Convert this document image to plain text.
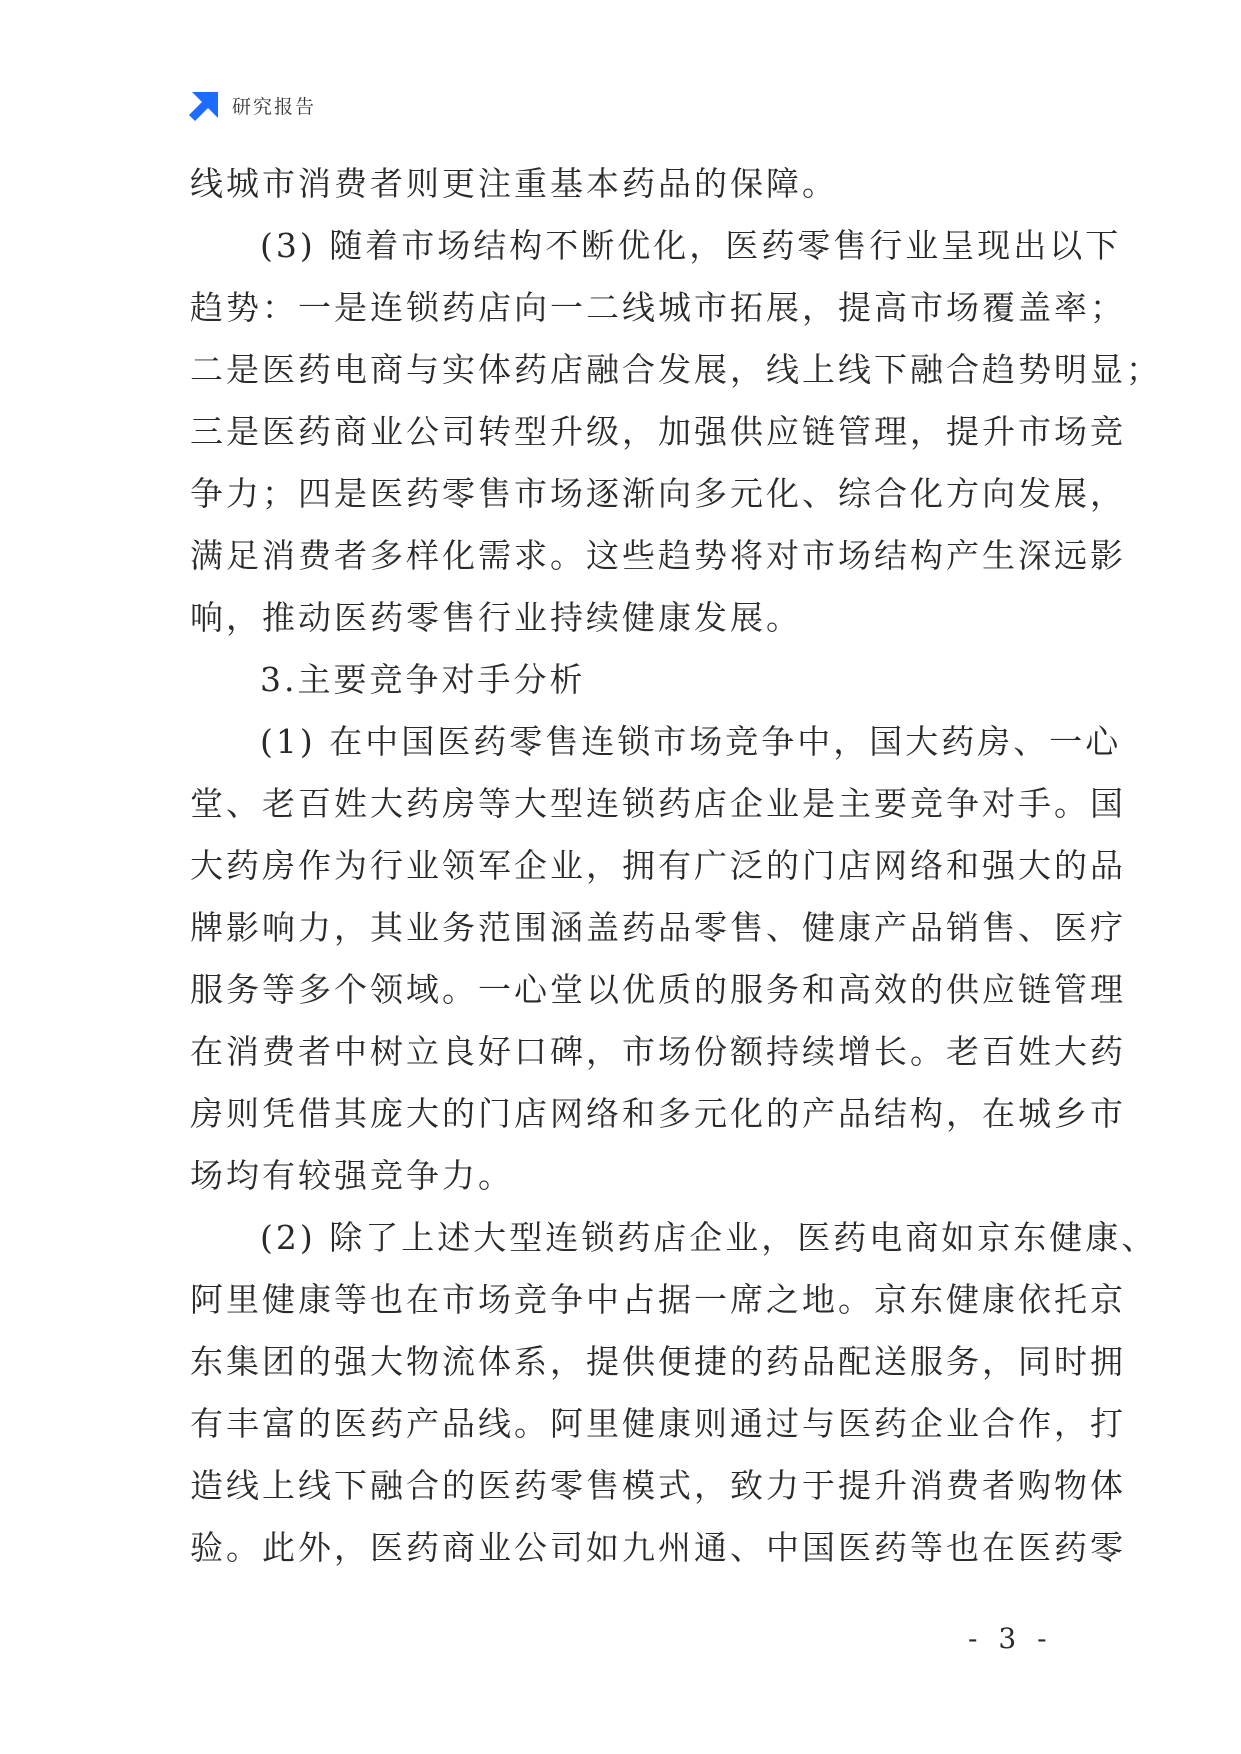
研究报告
线城市消费者则更注重基本药品的保障。
(3) 随着市场结构不断优化，医药零售行业呈现出以下
趋势：一是连锁药店向一二线城市拓展，提高市场覆盖率；
二是医药电商与实体药店融合发展，线上线下融合趋势明显；
三是医药商业公司转型升级，加强供应链管理，提升市场竞
争力；四是医药零售市场逐渐向多元化、综合化方向发展，
满足消费者多样化需求。这些趋势将对市场结构产生深远影
响，推动医药零售行业持续健康发展。
3.主要竞争对手分析
(1) 在中国医药零售连锁市场竞争中，国大药房、一心
堂、老百姓大药房等大型连锁药店企业是主要竞争对手。国
大药房作为行业领军企业，拥有广泛的门店网络和强大的品
牌影响力，其业务范围涵盖药品零售、健康产品销售、医疗
服务等多个领域。一心堂以优质的服务和高效的供应链管理
在消费者中树立良好口碑，市场份额持续增长。老百姓大药
房则凭借其庞大的门店网络和多元化的产品结构，在城乡市
场均有较强竞争力。
(2) 除了上述大型连锁药店企业，医药电商如京东健康、
阿里健康等也在市场竞争中占据一席之地。京东健康依托京
东集团的强大物流体系，提供便捷的药品配送服务，同时拥
有丰富的医药产品线。阿里健康则通过与医药企业合作，打
造线上线下融合的医药零售模式，致力于提升消费者购物体
验。此外，医药商业公司如九州通、中国医药等也在医药零
- 3 -
